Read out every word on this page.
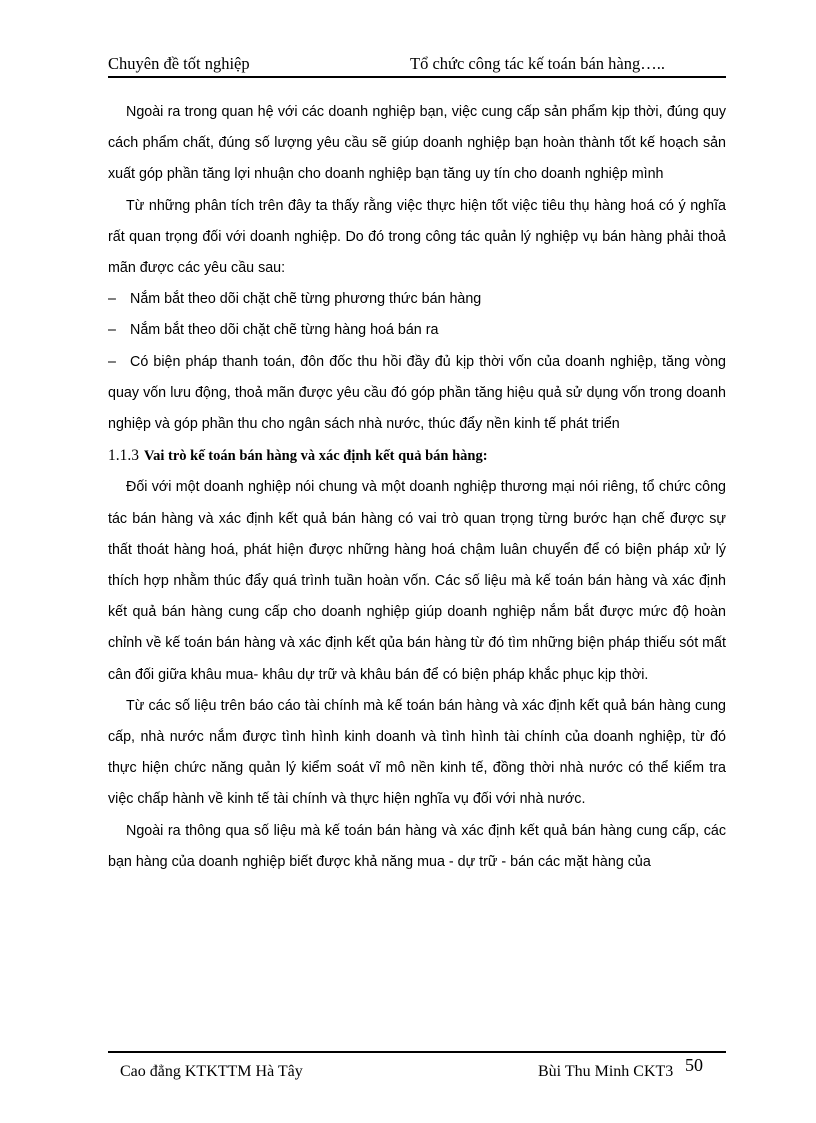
Chuyên đề tốt nghiệp	Tổ chức công tác kế toán bán hàng…..

Ngoài ra trong quan hệ với các doanh nghiệp bạn, việc cung cấp sản phẩm kịp thời, đúng quy cách phẩm chất, đúng số lượng yêu cầu sẽ giúp doanh nghiệp bạn hoàn thành tốt kế hoạch sản xuất góp phần tăng lợi nhuận cho doanh nghiệp bạn tăng uy tín cho doanh nghiệp mình

Từ những phân tích trên đây ta thấy rằng việc thực hiện tốt việc tiêu thụ hàng hoá có ý nghĩa rất quan trọng đối với doanh nghiệp. Do đó trong công tác quản lý nghiệp vụ bán hàng phải thoả mãn được các yêu cầu sau:

– Nắm bắt theo dõi chặt chẽ từng phương thức bán hàng

– Nắm bắt theo dõi chặt chẽ từng hàng hoá bán ra

– Có biện pháp thanh toán, đôn đốc thu hồi đầy đủ kịp thời vốn của doanh nghiệp, tăng vòng quay vốn lưu động, thoả mãn được yêu cầu đó góp phần tăng hiệu quả sử dụng vốn trong doanh nghiệp và góp phần thu cho ngân sách nhà nước, thúc đẩy nền kinh tế phát triển

1.1.3 Vai trò kế toán bán hàng và xác định kết quả bán hàng:

Đối với một doanh nghiệp nói chung và một doanh nghiệp thương mại nói riêng, tổ chức công tác bán hàng và xác định kết quả bán hàng có vai trò quan trọng từng bước hạn chế được sự thất thoát hàng hoá, phát hiện được những hàng hoá chậm luân chuyển để có biện pháp xử lý thích hợp nhằm thúc đẩy quá trình tuần hoàn vốn. Các số liệu mà kế toán bán hàng và xác định kết quả bán hàng cung cấp cho doanh nghiệp giúp doanh nghiệp nắm bắt được mức độ hoàn chỉnh về kế toán bán hàng và xác định kết qủa bán hàng từ đó tìm những biện pháp thiếu sót mất cân đối giữa khâu mua- khâu dự trữ và khâu bán để có biện pháp khắc phục kịp thời.

Từ các số liệu trên báo cáo tài chính mà kế toán bán hàng và xác định kết quả bán hàng cung cấp, nhà nước nắm được tình hình kinh doanh và tình hình tài chính của doanh nghiệp, từ đó thực hiện chức năng quản lý kiểm soát vĩ mô nền kinh tế, đồng thời nhà nước có thể kiểm tra việc chấp hành về kinh tế tài chính và thực hiện nghĩa vụ đối với nhà nước.

Ngoài ra thông qua số liệu mà kế toán bán hàng và xác định kết quả bán hàng cung cấp, các bạn hàng của doanh nghiệp biết được khả năng mua - dự trữ - bán các mặt hàng của

Cao đẳng KTKTTM Hà Tây	Bùi Thu Minh CKT3 50
